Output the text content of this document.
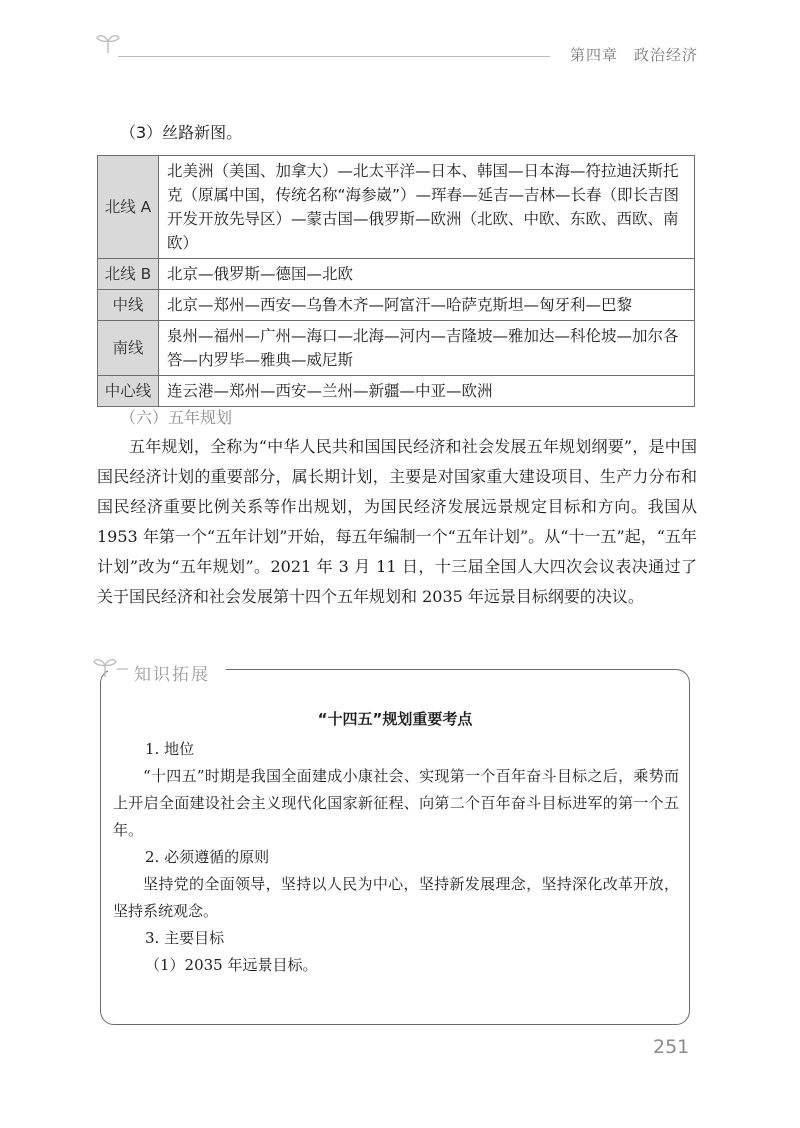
第四章　政治经济
（3）丝路新图。
北线 A	北美洲（美国、加拿大）—北太平洋—日本、韩国—日本海—符拉迪沃斯托克（原属中国，传统名称“海参崴”）—珲春—延吉—吉林—长春（即长吉图开发开放先导区）—蒙古国—俄罗斯—欧洲（北欧、中欧、东欧、西欧、南欧）
北线 B	北京—俄罗斯—德国—北欧
中线	北京—郑州—西安—乌鲁木齐—阿富汗—哈萨克斯坦—匈牙利—巴黎
南线	泉州—福州—广州—海口—北海—河内—吉隆坡—雅加达—科伦坡—加尔各答—内罗毕—雅典—威尼斯
中心线	连云港—郑州—西安—兰州—新疆—中亚—欧洲
（六）五年规划

五年规划，全称为“中华人民共和国国民经济和社会发展五年规划纲要”，是中国国民经济计划的重要部分，属长期计划，主要是对国家重大建设项目、生产力分布和国民经济重要比例关系等作出规划，为国民经济发展远景规定目标和方向。我国从 1953 年第一个“五年计划”开始，每五年编制一个“五年计划”。从“十一五”起，“五年计划”改为“五年规划”。2021 年 3 月 11 日，十三届全国人大四次会议表决通过了关于国民经济和社会发展第十四个五年规划和 2035 年远景目标纲要的决议。

知识拓展
“十四五”规划重要考点

1. 地位

“十四五”时期是我国全面建成小康社会、实现第一个百年奋斗目标之后，乘势而上开启全面建设社会主义现代化国家新征程、向第二个百年奋斗目标进军的第一个五年。

2. 必须遵循的原则

坚持党的全面领导，坚持以人民为中心，坚持新发展理念，坚持深化改革开放，坚持系统观念。

3. 主要目标

（1）2035 年远景目标。

251
